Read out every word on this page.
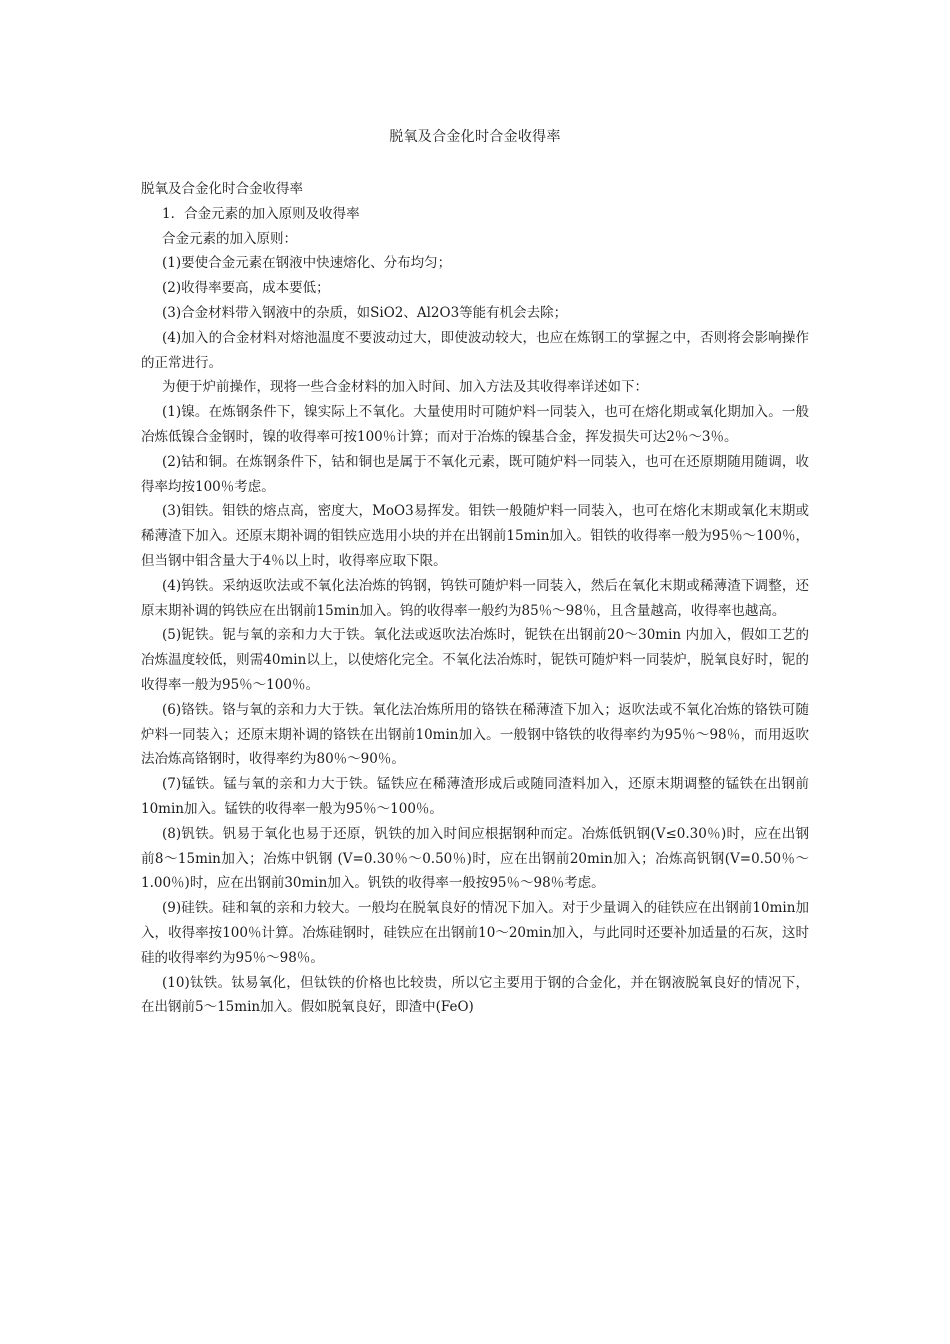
脱氧及合金化时合金收得率

脱氧及合金化时合金收得率

1．合金元素的加入原则及收得率

合金元素的加入原则：

(1)要使合金元素在钢液中快速熔化、分布均匀；

(2)收得率要高，成本要低；

(3)合金材料带入钢液中的杂质，如SiO2、Al2O3等能有机会去除；

(4)加入的合金材料对熔池温度不要波动过大，即使波动较大，也应在炼钢工的掌握之中，否则将会影响操作的正常进行。

为便于炉前操作，现将一些合金材料的加入时间、加入方法及其收得率详述如下：

(1)镍。在炼钢条件下，镍实际上不氧化。大量使用时可随炉料一同装入，也可在熔化期或氧化期加入。一般冶炼低镍合金钢时，镍的收得率可按100％计算；而对于冶炼的镍基合金，挥发损失可达2％～3％。

(2)钴和铜。在炼钢条件下，钴和铜也是属于不氧化元素，既可随炉料一同装入，也可在还原期随用随调，收得率均按100％考虑。

(3)钼铁。钼铁的熔点高，密度大，MoO3易挥发。钼铁一般随炉料一同装入，也可在熔化末期或氧化末期或稀薄渣下加入。还原末期补调的钼铁应选用小块的并在出钢前15min加入。钼铁的收得率一般为95％～100％，但当钢中钼含量大于4％以上时，收得率应取下限。

(4)钨铁。采纳返吹法或不氧化法冶炼的钨钢，钨铁可随炉料一同装入，然后在氧化末期或稀薄渣下调整，还原末期补调的钨铁应在出钢前15min加入。钨的收得率一般约为85％～98％，且含量越高，收得率也越高。

(5)铌铁。铌与氧的亲和力大于铁。氧化法或返吹法冶炼时，铌铁在出钢前20～30min 内加入，假如工艺的冶炼温度较低，则需40min以上，以使熔化完全。不氧化法冶炼时，铌铁可随炉料一同装炉，脱氧良好时，铌的收得率一般为95％～100％。

(6)铬铁。铬与氧的亲和力大于铁。氧化法冶炼所用的铬铁在稀薄渣下加入；返吹法或不氧化冶炼的铬铁可随炉料一同装入；还原末期补调的铬铁在出钢前10min加入。一般钢中铬铁的收得率约为95％～98％，而用返吹法冶炼高铬钢时，收得率约为80％～90％。

(7)锰铁。锰与氧的亲和力大于铁。锰铁应在稀薄渣形成后或随同渣料加入，还原末期调整的锰铁在出钢前10min加入。锰铁的收得率一般为95％～100％。

(8)钒铁。钒易于氧化也易于还原，钒铁的加入时间应根据钢种而定。冶炼低钒钢(V≤0.30％)时，应在出钢前8～15min加入；冶炼中钒钢 (V=0.30％～0.50％)时，应在出钢前20min加入；冶炼高钒钢(V=0.50％～1.00％)时，应在出钢前30min加入。钒铁的收得率一般按95％～98％考虑。

(9)硅铁。硅和氧的亲和力较大。一般均在脱氧良好的情况下加入。对于少量调入的硅铁应在出钢前10min加入，收得率按100％计算。冶炼硅钢时，硅铁应在出钢前10～20min加入，与此同时还要补加适量的石灰，这时硅的收得率约为95％～98％。

(10)钛铁。钛易氧化，但钛铁的价格也比较贵，所以它主要用于钢的合金化，并在钢液脱氧良好的情况下，在出钢前5～15min加入。假如脱氧良好，即渣中(FeO)
